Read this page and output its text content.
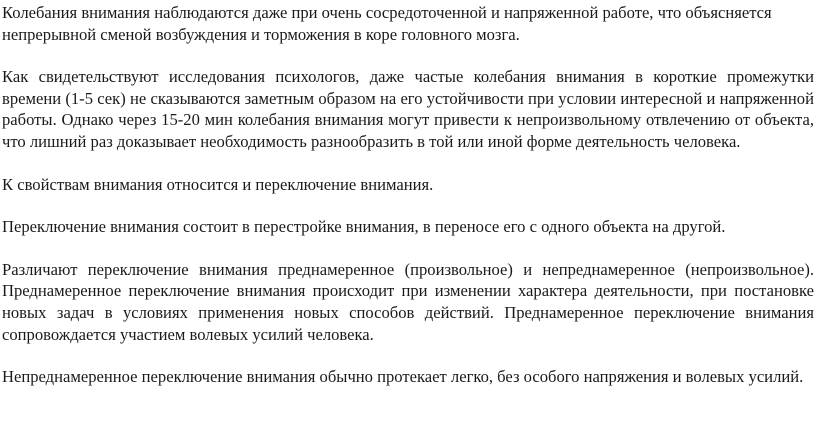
Колебания внимания наблюдаются даже при очень сосредоточенной и напряженной работе, что объясняется непрерывной сменой возбуждения и торможения в коре головного мозга.

Как свидетельствуют исследования психологов, даже частые колебания внимания в короткие промежутки времени (1-5 сек) не сказываются заметным образом на его устойчивости при условии интересной и напряженной работы. Однако через 15-20 мин колебания внимания могут привести к непроизвольному отвлечению от объекта, что лишний раз доказывает необходимость разнообразить в той или иной форме деятельность человека.

К свойствам внимания относится и переключение внимания.

Переключение внимания состоит в перестройке внимания, в переносе его с одного объекта на другой.

Различают переключение внимания преднамеренное (произвольное) и непреднамеренное (непроизвольное). Преднамеренное переключение внимания происходит при изменении характера деятельности, при постановке новых задач в условиях применения новых способов действий. Преднамеренное переключение внимания сопровождается участием волевых усилий человека.

Непреднамеренное переключение внимания обычно протекает легко, без особого напряжения и волевых усилий.
